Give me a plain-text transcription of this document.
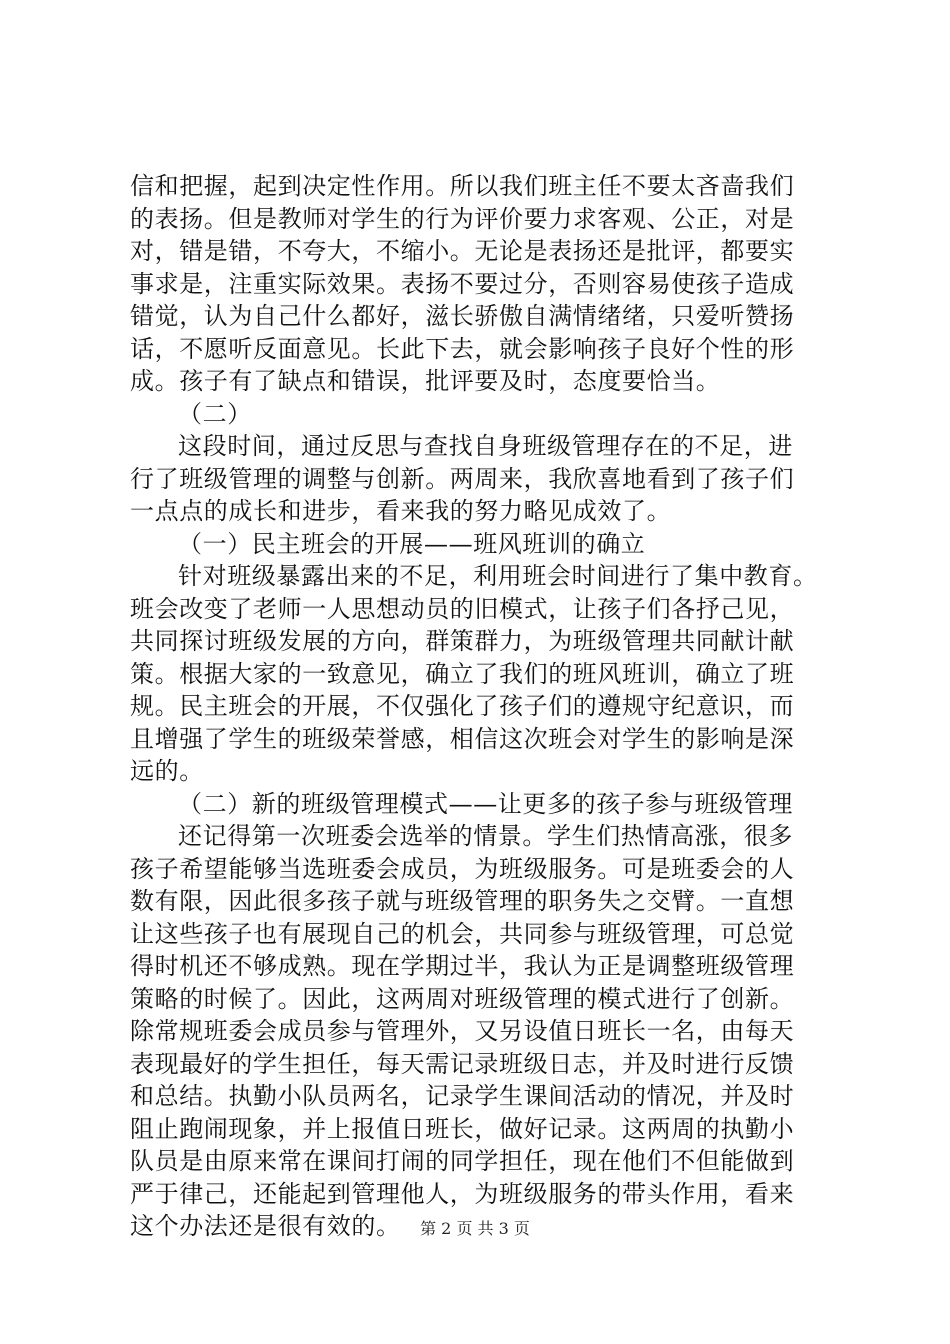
信和把握，起到决定性作用。所以我们班主任不要太吝啬我们
的表扬。但是教师对学生的行为评价要力求客观、公正，对是
对，错是错，不夸大，不缩小。无论是表扬还是批评，都要实
事求是，注重实际效果。表扬不要过分，否则容易使孩子造成
错觉，认为自己什么都好，滋长骄傲自满情绪绪，只爱听赞扬
话，不愿听反面意见。长此下去，就会影响孩子良好个性的形
成。孩子有了缺点和错误，批评要及时，态度要恰当。
（二）
这段时间，通过反思与查找自身班级管理存在的不足，进
行了班级管理的调整与创新。两周来，我欣喜地看到了孩子们
一点点的成长和进步，看来我的努力略见成效了。
（一）民主班会的开展——班风班训的确立
针对班级暴露出来的不足，利用班会时间进行了集中教育。
班会改变了老师一人思想动员的旧模式，让孩子们各抒己见，
共同探讨班级发展的方向，群策群力，为班级管理共同献计献
策。根据大家的一致意见，确立了我们的班风班训，确立了班
规。民主班会的开展，不仅强化了孩子们的遵规守纪意识，而
且增强了学生的班级荣誉感，相信这次班会对学生的影响是深
远的。
（二）新的班级管理模式——让更多的孩子参与班级管理
还记得第一次班委会选举的情景。学生们热情高涨，很多
孩子希望能够当选班委会成员，为班级服务。可是班委会的人
数有限，因此很多孩子就与班级管理的职务失之交臂。一直想
让这些孩子也有展现自己的机会，共同参与班级管理，可总觉
得时机还不够成熟。现在学期过半，我认为正是调整班级管理
策略的时候了。因此，这两周对班级管理的模式进行了创新。
除常规班委会成员参与管理外，又另设值日班长一名，由每天
表现最好的学生担任，每天需记录班级日志，并及时进行反馈
和总结。执勤小队员两名，记录学生课间活动的情况，并及时
阻止跑闹现象，并上报值日班长，做好记录。这两周的执勤小
队员是由原来常在课间打闹的同学担任，现在他们不但能做到
严于律己，还能起到管理他人，为班级服务的带头作用，看来
这个办法还是很有效的。	第 2 页 共 3 页
